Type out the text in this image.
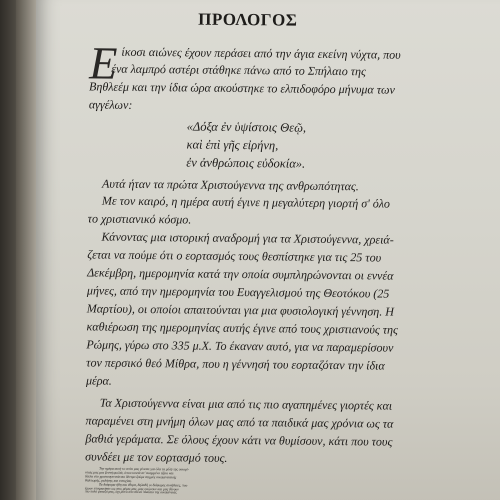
ΠΡΟΛΟΓΟΣ
Ε ίκοσι αιώνες έχουν περάσει από την άγια εκείνη νύχτα, που
ένα λαμπρό αστέρι στάθηκε πάνω από το Σπήλαιο της
Βηθλεέμ και την ίδια ώρα ακούστηκε το ελπιδοφόρο μήνυμα των
αγγέλων:
«Δόξα ἐν ὑψίστοις Θεῷ,
καὶ ἐπὶ γῆς εἰρήνη,
ἐν ἀνθρώποις εὐδοκία».
Αυτά ήταν τα πρώτα Χριστούγεννα της ανθρωπότητας.
Με τον καιρό, η ημέρα αυτή έγινε η μεγαλύτερη γιορτή σ' όλο
το χριστιανικό κόσμο.
Κάνοντας μια ιστορική αναδρομή για τα Χριστούγεννα, χρειά-
ζεται να πούμε ότι ο εορτασμός τους θεσπίστηκε για τις 25 του
Δεκέμβρη, ημερομηνία κατά την οποία συμπληρώνονται οι εννέα
μήνες, από την ημερομηνία του Ευαγγελισμού της Θεοτόκου (25
Μαρτίου), οι οποίοι απαιτούνται για μια φυσιολογική γέννηση. Η
καθιέρωση της ημερομηνίας αυτής έγινε από τους χριστιανούς της
Ρώμης, γύρω στο 335 μ.Χ. Το έκαναν αυτό, για να παραμερίσουν
τον περσικό θεό Μίθρα, που η γέννησή του εορταζόταν την ίδια
μέρα.
Τα Χριστούγεννα είναι μια από τις πιο αγαπημένες γιορτές και
παραμένει στη μνήμη όλων μας από τα παιδικά μας χρόνια ως τα
βαθιά γεράματα. Σε όλους έχουν κάτι να θυμίσουν, κάτι που τους
συνδέει με τον εορτασμό τους.
Την ημέρα αυτή το σπίτι μας γίνεται για όλα τα μέλη της οικογέ-
νειάς μας μια ζεστή φωλιά, όπου κοντά στ' αναμμένο τζάκι και
δίπλα στο χριστουγεννιάτικο δέντρο ζούμε στιγμές οικογενειακής
θαλπωρής, γαλήνης και ευτυχίας.
Τα διάφορα ήθη και έθιμα, δηλαδή οι διάφορες συνήθειες, που
έχουν επικρατήσει ως στις μέρες μας, μας ενώνουν και μας δένουν
πιο πολύ μεταξύ μας, όχι μόνο στο στενό πλαίσιο της οικογένειάς
